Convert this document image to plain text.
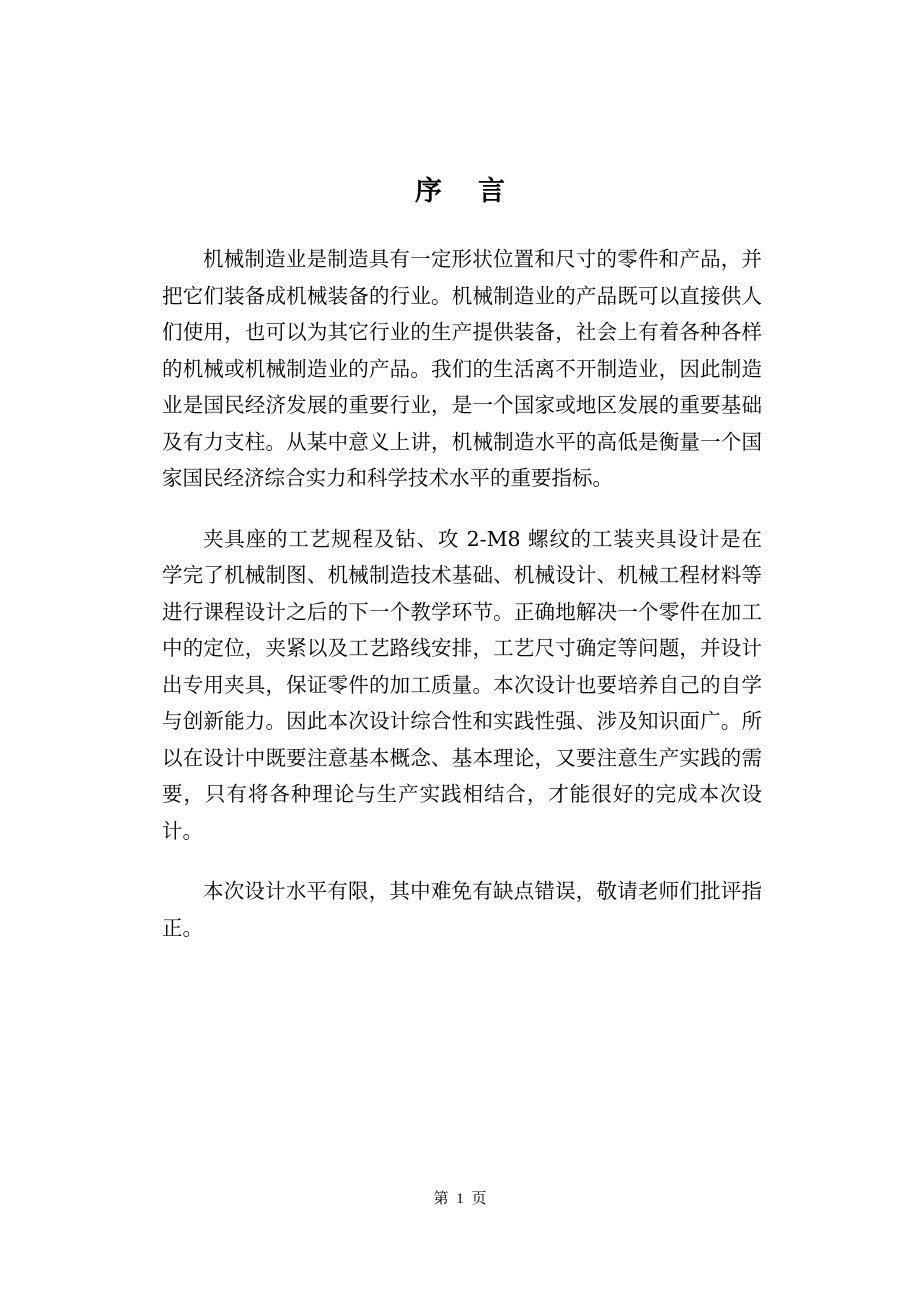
序言

机械制造业是制造具有一定形状位置和尺寸的零件和产品，并把它们装备成机械装备的行业。机械制造业的产品既可以直接供人们使用，也可以为其它行业的生产提供装备，社会上有着各种各样的机械或机械制造业的产品。我们的生活离不开制造业，因此制造业是国民经济发展的重要行业，是一个国家或地区发展的重要基础及有力支柱。从某中意义上讲，机械制造水平的高低是衡量一个国家国民经济综合实力和科学技术水平的重要指标。

夹具座的工艺规程及钻、攻 2-M8 螺纹的工装夹具设计是在学完了机械制图、机械制造技术基础、机械设计、机械工程材料等进行课程设计之后的下一个教学环节。正确地解决一个零件在加工中的定位，夹紧以及工艺路线安排，工艺尺寸确定等问题，并设计出专用夹具，保证零件的加工质量。本次设计也要培养自己的自学与创新能力。因此本次设计综合性和实践性强、涉及知识面广。所以在设计中既要注意基本概念、基本理论，又要注意生产实践的需要，只有将各种理论与生产实践相结合，才能很好的完成本次设计。

本次设计水平有限，其中难免有缺点错误，敬请老师们批评指正。

第 1 页
